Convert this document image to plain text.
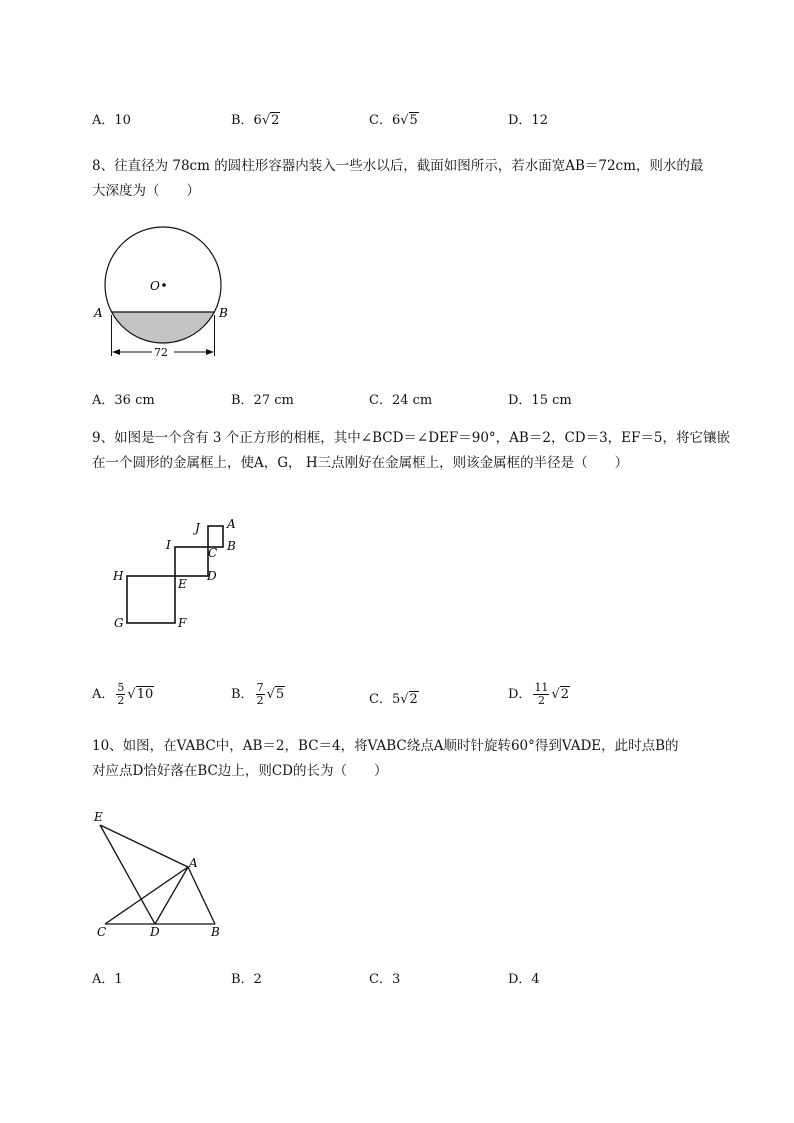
A．10	B．6√2	C．6√5	D．12
8、往直径为 78cm 的圆柱形容器内装入一些水以后，截面如图所示，若水面宽AB＝72cm，则水的最
大深度为（　　）
O
A	B
72
A．36 cm	B．27 cm	C．24 cm	D．15 cm
9、如图是一个含有 3 个正方形的相框，其中∠BCD＝∠DEF＝90°，AB＝2，CD＝3，EF＝5，将它镶嵌
在一个圆形的金属框上，使A，G， H三点刚好在金属框上，则该金属框的半径是（　　）
J A
I
C B
H
E
D
G	F
A． $\frac{5}{2} √10$	B． $\frac{7}{2} √5$	C．5√2	D． $\frac{11}{2} √2$
10、如图，在VABC中，AB＝2，BC＝4，将VABC绕点A顺时针旋转60°得到VADE，此时点B的
对应点D恰好落在BC边上，则CD的长为（　　）
E
A
C	D	B
A．1	B．2	C．3	D．4
